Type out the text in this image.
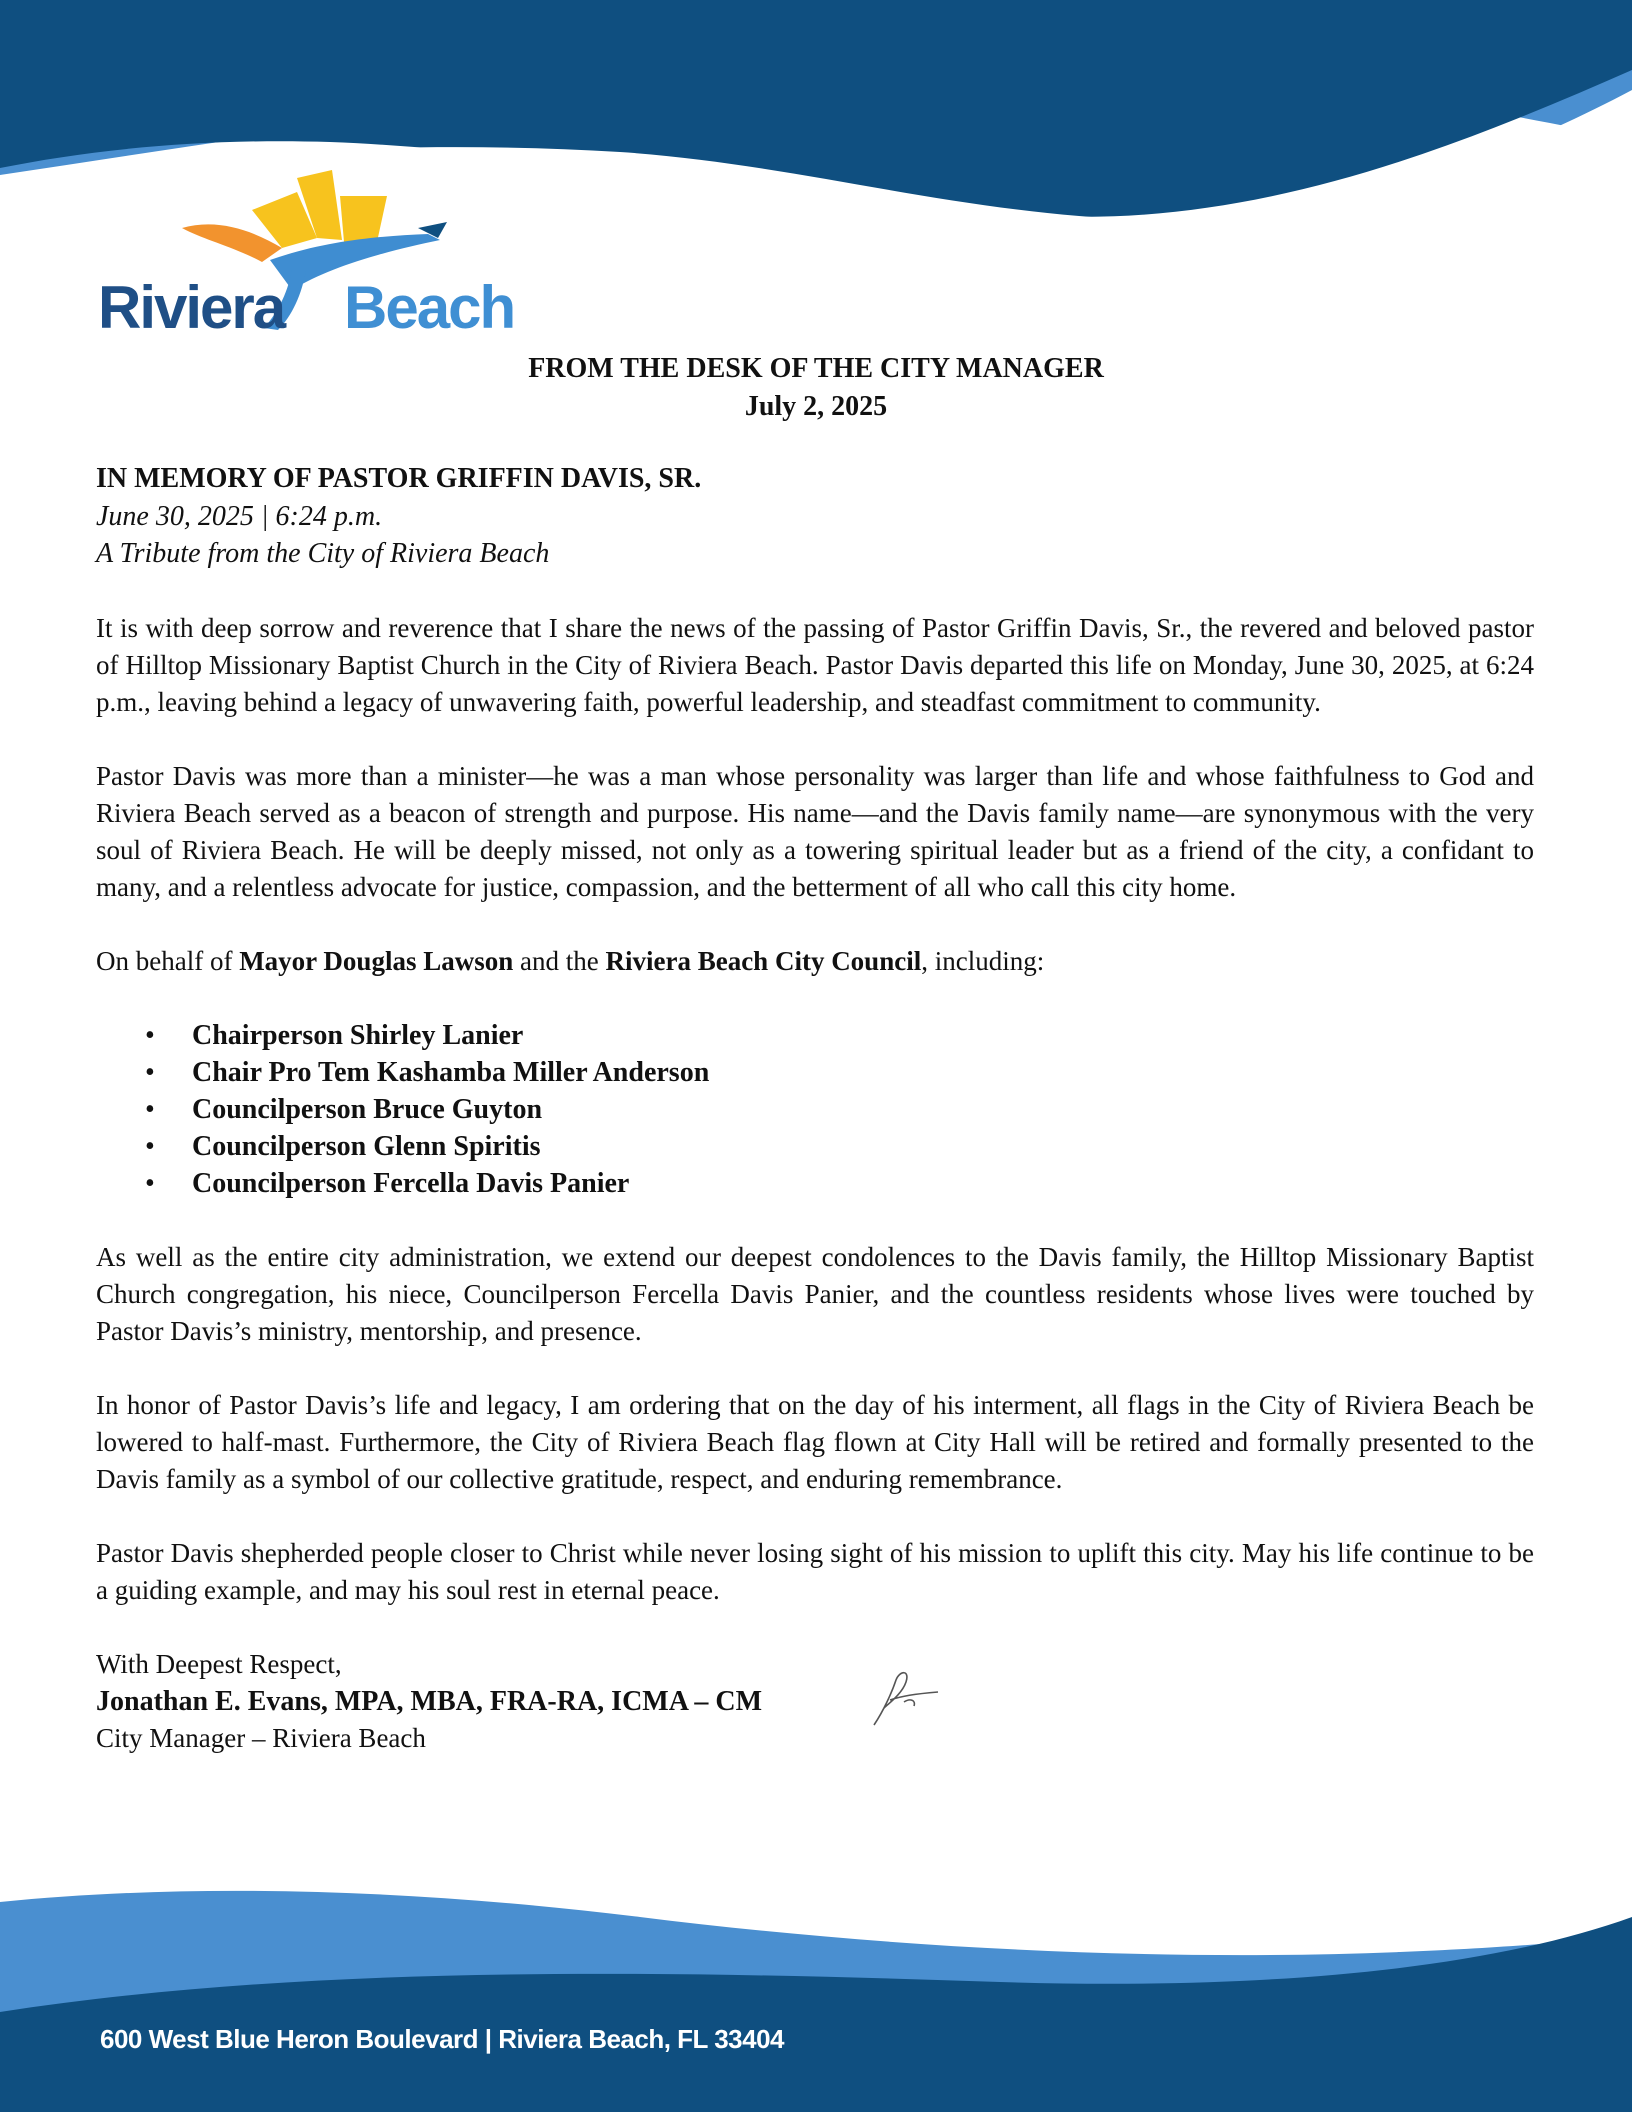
Riviera Beach
FROM THE DESK OF THE CITY MANAGER
July 2, 2025
IN MEMORY OF PASTOR GRIFFIN DAVIS, SR.
June 30, 2025 | 6:24 p.m.
A Tribute from the City of Riviera Beach

It is with deep sorrow and reverence that I share the news of the passing of Pastor Griffin Davis, Sr., the revered and beloved pastor of Hilltop Missionary Baptist Church in the City of Riviera Beach. Pastor Davis departed this life on Monday, June 30, 2025, at 6:24 p.m., leaving behind a legacy of unwavering faith, powerful leadership, and steadfast commitment to community.

Pastor Davis was more than a minister—he was a man whose personality was larger than life and whose faithfulness to God and Riviera Beach served as a beacon of strength and purpose. His name—and the Davis family name—are synonymous with the very soul of Riviera Beach. He will be deeply missed, not only as a towering spiritual leader but as a friend of the city, a confidant to many, and a relentless advocate for justice, compassion, and the betterment of all who call this city home.

On behalf of Mayor Douglas Lawson and the Riviera Beach City Council, including:

• Chairperson Shirley Lanier
• Chair Pro Tem Kashamba Miller Anderson
• Councilperson Bruce Guyton
• Councilperson Glenn Spiritis
• Councilperson Fercella Davis Panier

As well as the entire city administration, we extend our deepest condolences to the Davis family, the Hilltop Missionary Baptist Church congregation, his niece, Councilperson Fercella Davis Panier, and the countless residents whose lives were touched by Pastor Davis’s ministry, mentorship, and presence.

In honor of Pastor Davis’s life and legacy, I am ordering that on the day of his interment, all flags in the City of Riviera Beach be lowered to half-mast. Furthermore, the City of Riviera Beach flag flown at City Hall will be retired and formally presented to the Davis family as a symbol of our collective gratitude, respect, and enduring remembrance.

Pastor Davis shepherded people closer to Christ while never losing sight of his mission to uplift this city. May his life continue to be a guiding example, and may his soul rest in eternal peace.

With Deepest Respect,
Jonathan E. Evans, MPA, MBA, FRA-RA, ICMA – CM
City Manager – Riviera Beach
600 West Blue Heron Boulevard | Riviera Beach, FL 33404
